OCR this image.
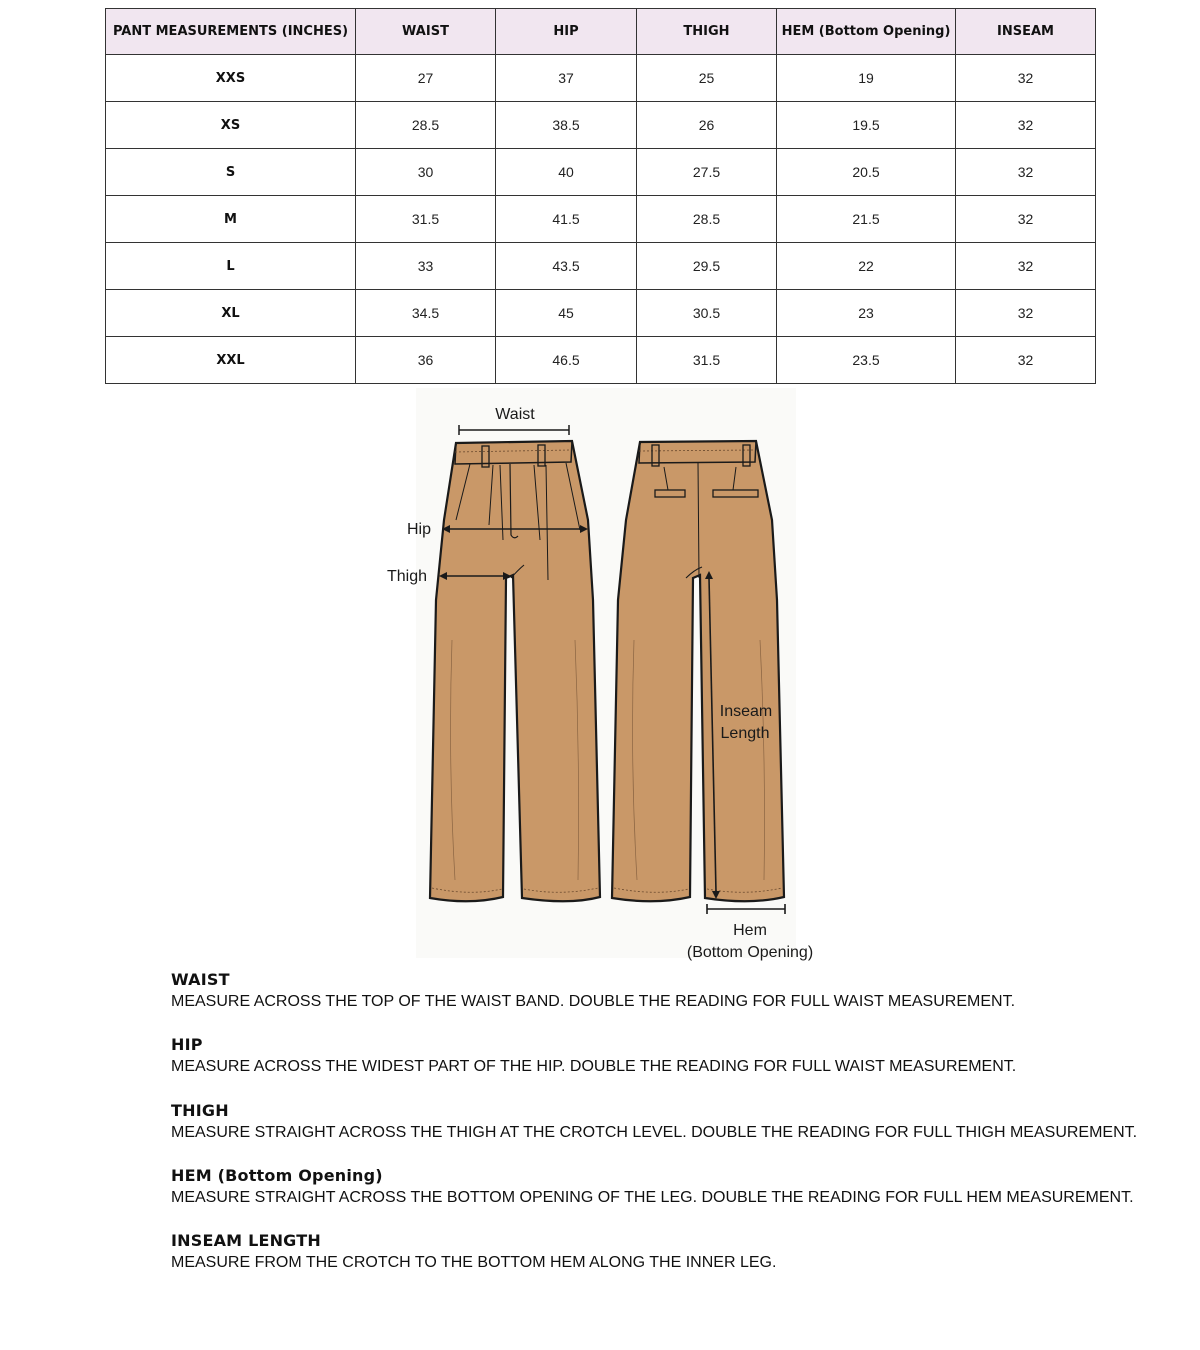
PANT MEASUREMENTS (INCHES)	WAIST	HIP	THIGH	HEM (Bottom Opening)	INSEAM
XXS	27	37	25	19	32
XS	28.5	38.5	26	19.5	32
S	30	40	27.5	20.5	32
M	31.5	41.5	28.5	21.5	32
L	33	43.5	29.5	22	32
XL	34.5	45	30.5	23	32
XXL	36	46.5	31.5	23.5	32
Waist
Hip
Thigh
Inseam
Length
Hem
(Bottom Opening)
WAIST
MEASURE ACROSS THE TOP OF THE WAIST BAND. DOUBLE THE READING FOR FULL WAIST MEASUREMENT.
HIP
MEASURE ACROSS THE WIDEST PART OF THE HIP. DOUBLE THE READING FOR FULL WAIST MEASUREMENT.
THIGH
MEASURE STRAIGHT ACROSS THE THIGH AT THE CROTCH LEVEL. DOUBLE THE READING FOR FULL THIGH MEASUREMENT.
HEM (Bottom Opening)
MEASURE STRAIGHT ACROSS THE BOTTOM OPENING OF THE LEG. DOUBLE THE READING FOR FULL HEM MEASUREMENT.
INSEAM LENGTH
MEASURE FROM THE CROTCH TO THE BOTTOM HEM ALONG THE INNER LEG.
